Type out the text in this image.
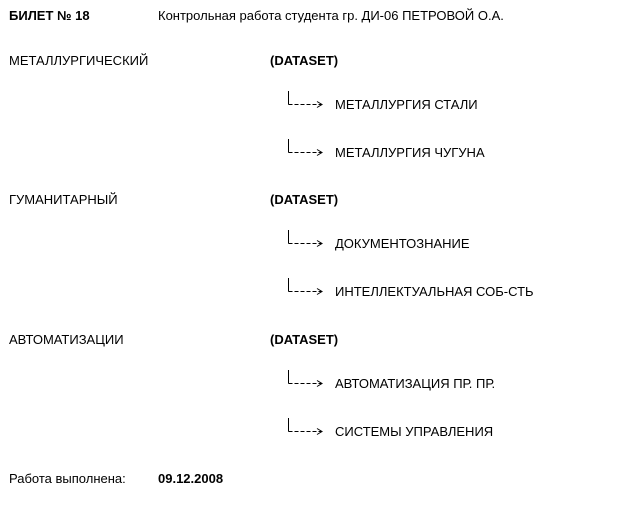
БИЛЕТ № 18	Контрольная работа студента гр. ДИ-06 ПЕТРОВОЙ О.А.
МЕТАЛЛУРГИЧЕСКИЙ	(DATASET)
МЕТАЛЛУРГИЯ СТАЛИ
МЕТАЛЛУРГИЯ ЧУГУНА
ГУМАНИТАРНЫЙ	(DATASET)
ДОКУМЕНТОЗНАНИЕ
ИНТЕЛЛЕКТУАЛЬНАЯ СОБ-СТЬ
АВТОМАТИЗАЦИИ	(DATASET)
АВТОМАТИЗАЦИЯ ПР. ПР.
СИСТЕМЫ УПРАВЛЕНИЯ
Работа выполнена: 09.12.2008
